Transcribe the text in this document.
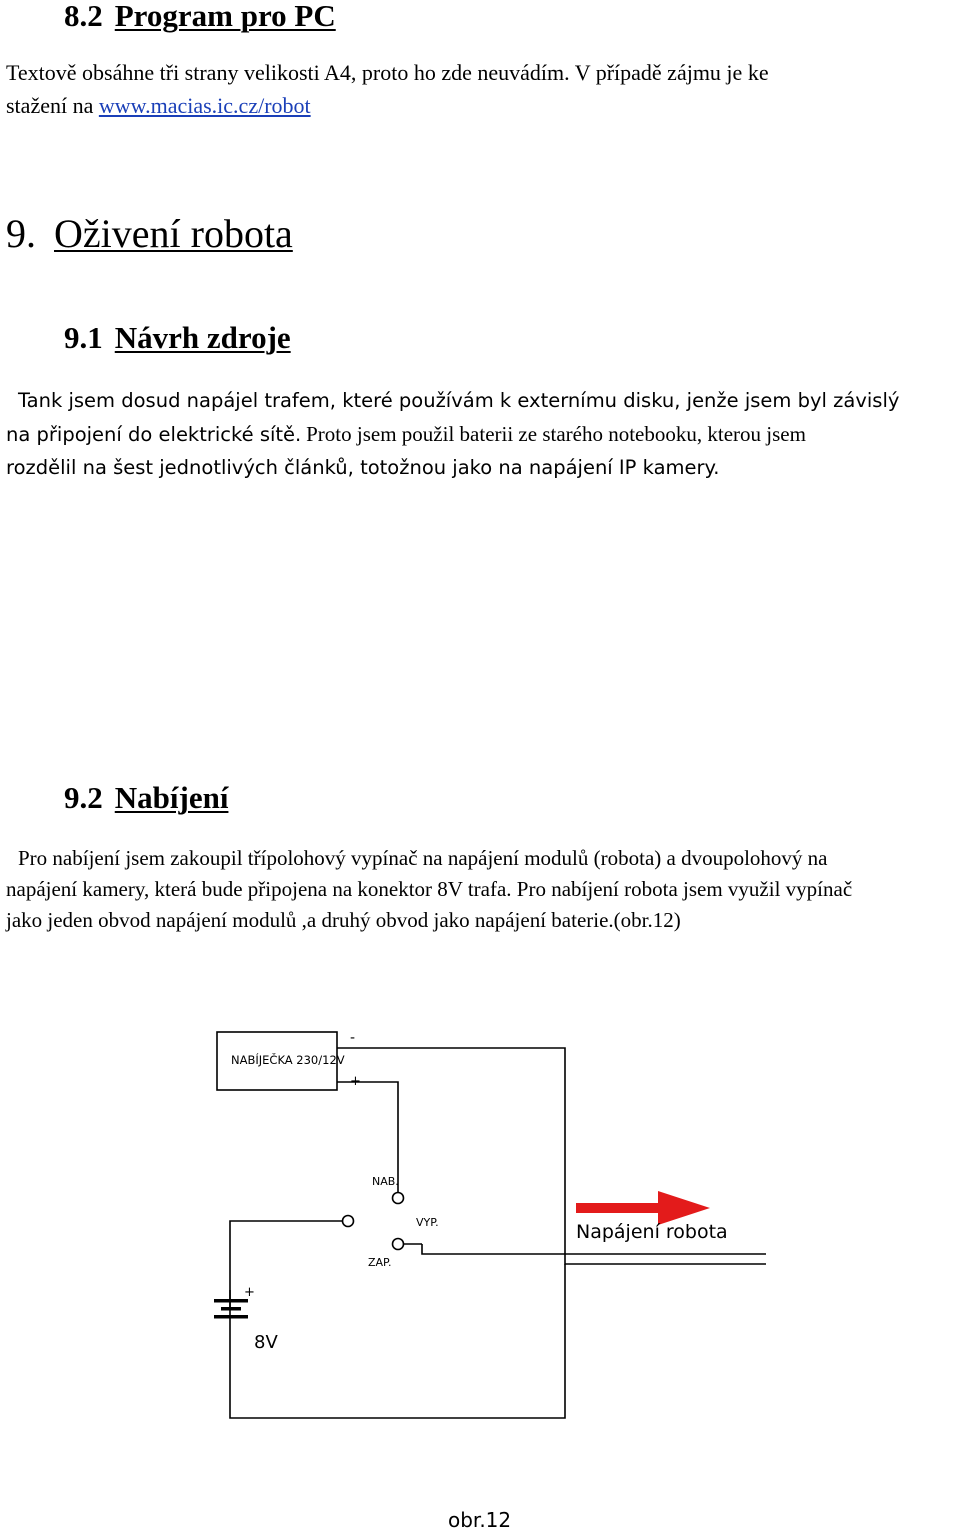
8.2 Program pro PC
Textově obsáhne tři strany velikosti A4, proto ho zde neuvádím. V případě zájmu je ke
stažení na www.macias.ic.cz/robot
9. Oživení robota
9.1 Návrh zdroje
Tank jsem dosud napájel trafem, které používám k externímu disku, jenže jsem byl závislý
na připojení do elektrické sítě. Proto jsem použil baterii ze starého notebooku, kterou jsem
rozdělil na šest jednotlivých článků, totožnou jako na napájení IP kamery.
9.2 Nabíjení
Pro nabíjení jsem zakoupil třípolohový vypínač na napájení modulů (robota) a dvoupolohový na
napájení kamery, která bude připojena na konektor 8V trafa. Pro nabíjení robota jsem využil vypínač
jako jeden obvod napájení modulů ,a druhý obvod jako napájení baterie.(obr.12)
NABÍJEČKA 230/12V
-
+
NAB.
VYP.
ZAP.
+
8V
Napájení robota
obr.12
